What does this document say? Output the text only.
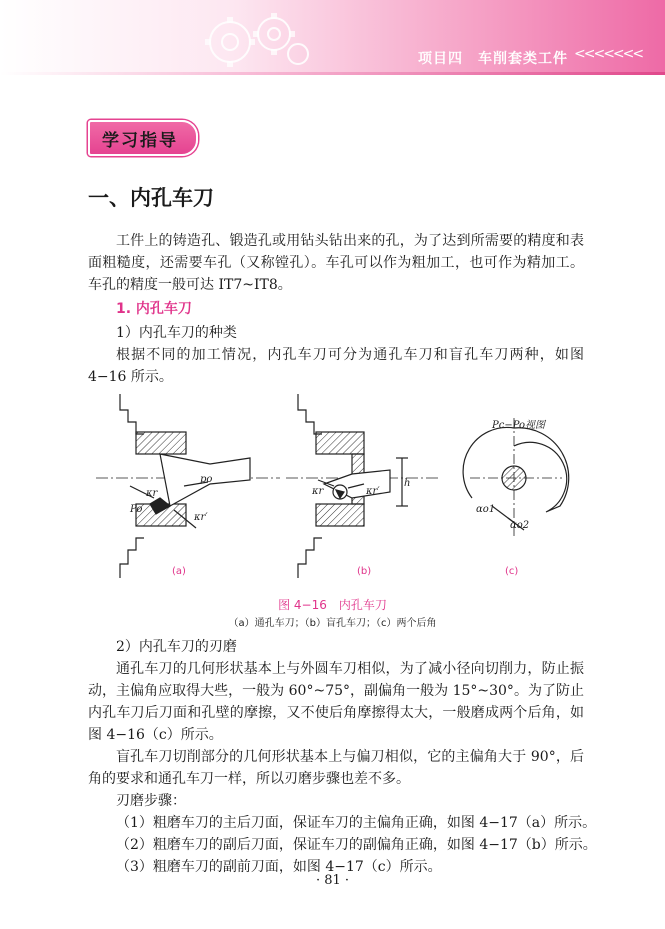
项目四　车削套类工件 <<<<<<<
学习指导
一、内孔车刀
工件上的铸造孔、锻造孔或用钻头钻出来的孔，为了达到所需要的精度和表面粗糙度，还需要车孔（又称镗孔）。车孔可以作为粗加工，也可作为精加工。车孔的精度一般可达 IT7~IT8。
1. 内孔车刀
1）内孔车刀的种类
根据不同的加工情况，内孔车刀可分为通孔车刀和盲孔车刀两种，如图 4−16 所示。
κr
Po
po
κr′
κr	κr′
h
Pc−Po视图
αo1
αo2
(a)	(b)	(c)
图 4−16　内孔车刀
（a）通孔车刀；（b）盲孔车刀；（c）两个后角
2）内孔车刀的刃磨
通孔车刀的几何形状基本上与外圆车刀相似，为了减小径向切削力，防止振动，主偏角应取得大些，一般为 60°~75°，副偏角一般为 15°~30°。为了防止内孔车刀后刀面和孔壁的摩擦，又不使后角摩擦得太大，一般磨成两个后角，如图 4−16（c）所示。
盲孔车刀切削部分的几何形状基本上与偏刀相似，它的主偏角大于 90°，后角的要求和通孔车刀一样，所以刃磨步骤也差不多。
刃磨步骤：
（1）粗磨车刀的主后刀面，保证车刀的主偏角正确，如图 4−17（a）所示。
（2）粗磨车刀的副后刀面，保证车刀的副偏角正确，如图 4−17（b）所示。
（3）粗磨车刀的副前刀面，如图 4−17（c）所示。
· 81 ·
